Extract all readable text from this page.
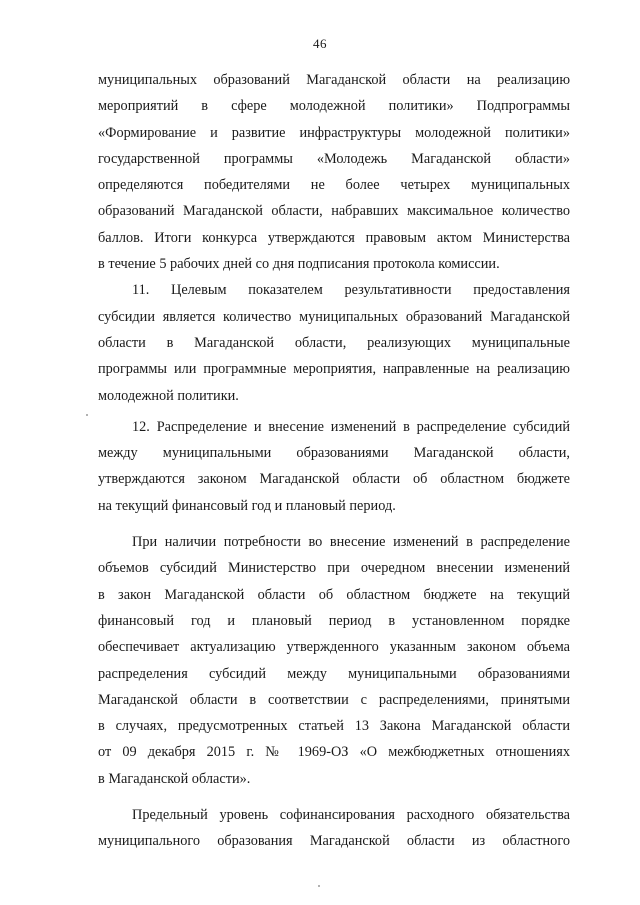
46
муниципальных образований Магаданской области на реализацию
мероприятий в сфере молодежной политики» Подпрограммы
«Формирование и развитие инфраструктуры молодежной политики»
государственной программы «Молодежь Магаданской области»
определяются победителями не более четырех муниципальных
образований Магаданской области, набравших максимальное количество
баллов. Итоги конкурса утверждаются правовым актом Министерства
в течение 5 рабочих дней со дня подписания протокола комиссии.
11. Целевым показателем результативности предоставления
субсидии является количество муниципальных образований Магаданской
области в Магаданской области, реализующих муниципальные
программы или программные мероприятия, направленные на реализацию
молодежной политики.
12. Распределение и внесение изменений в распределение субсидий
между муниципальными образованиями Магаданской области,
утверждаются законом Магаданской области об областном бюджете
на текущий финансовый год и плановый период.
При наличии потребности во внесение изменений в распределение
объемов субсидий Министерство при очередном внесении изменений
в закон Магаданской области об областном бюджете на текущий
финансовый год и плановый период в установленном порядке
обеспечивает актуализацию утвержденного указанным законом объема
распределения субсидий между муниципальными образованиями
Магаданской области в соответствии с распределениями, принятыми
в случаях, предусмотренных статьей 13 Закона Магаданской области
от 09 декабря 2015 г. № 1969-ОЗ «О межбюджетных отношениях
в Магаданской области».
Предельный уровень софинансирования расходного обязательства
муниципального образования Магаданской области из областного
